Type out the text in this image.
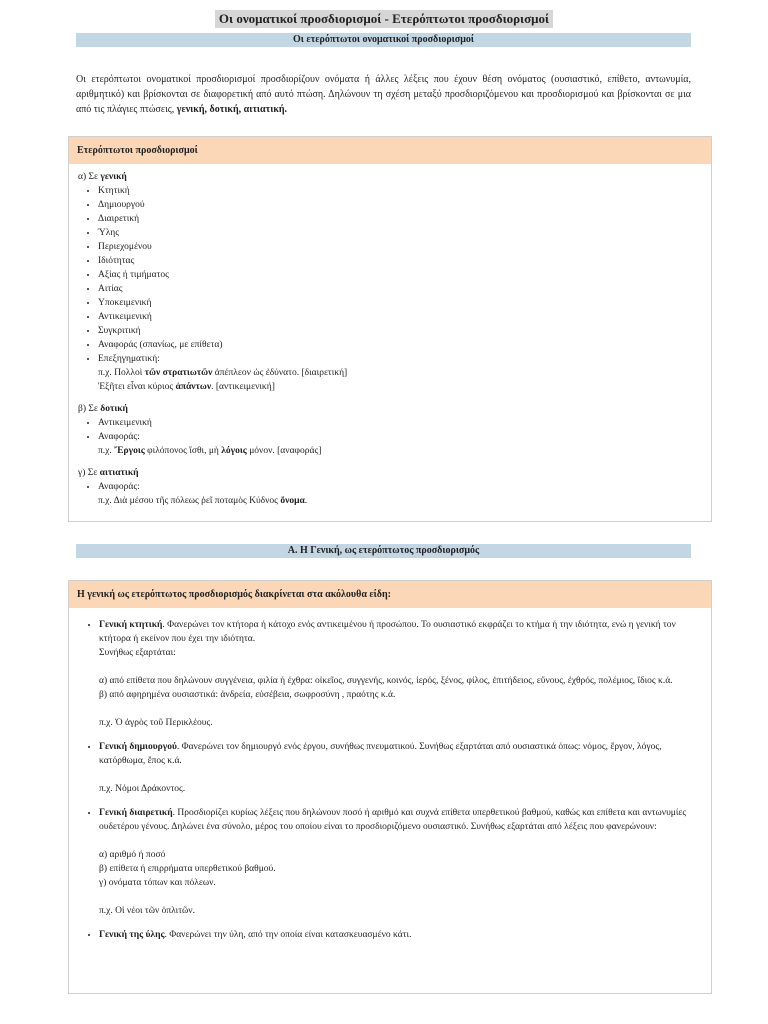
Οι ονοματικοί προσδιορισμοί - Ετερόπτωτοι προσδιορισμοί
Οι ετερόπτωτοι ονοματικοί προσδιορισμοί
Οι ετερόπτωτοι ονοματικοί προσδιορισμοί προσδιορίζουν ονόματα ή άλλες λέξεις που έχουν θέση ονόματος (ουσιαστικό, επίθετο, αντωνυμία, αριθμητικό) και βρίσκονται σε διαφορετική από αυτό πτώση. Δηλώνουν τη σχέση μεταξύ προσδιοριζόμενου και προσδιορισμού και βρίσκονται σε μια από τις πλάγιες πτώσεις, γενική, δοτική, αιτιατική.
Ετερόπτωτοι προσδιορισμοί

α) Σε γενική

• Κτητική
• Δημιουργού
• Διαιρετική
• Ύλης
• Περιεχομένου
• Ιδιότητας
• Αξίας ή τιμήματος
• Αιτίας
• Υποκειμενική
• Αντικειμενική
• Συγκριτική
• Αναφοράς (σπανίως, με επίθετα)
• Επεξηγηματική:
π.χ. Πολλοὶ τῶν στρατιωτῶν ἀπέπλεον ὡς ἐδύνατο. [διαιρετική]
Ἐξῆτει εἶναι κύριος ἁπάντων. [αντικειμενική]

β) Σε δοτική

• Αντικειμενική
• Αναφοράς:
π.χ. Ἔργοις φιλόπονος ἴσθι, μὴ λόγοις μόνον. [αναφοράς]

γ) Σε αιτιατική

• Αναφοράς:
π.χ. Διὰ μέσου τῆς πόλεως ῥεῖ ποταμὸς Κύδνος ὄνομα.
Α. Η Γενική, ως ετερόπτωτος προσδιορισμός
Η γενική ως ετερόπτωτος προσδιορισμός διακρίνεται στα ακόλουθα είδη:
• Γενική κτητική. Φανερώνει τον κτήτορα ή κάτοχο ενός αντικειμένου ή προσώπου. Το ουσιαστικό εκφράζει το κτήμα ή την ιδιότητα, ενώ η γενική τον κτήτορα ή εκείνον που έχει την ιδιότητα.
Συνήθως εξαρτάται:
α) από επίθετα που δηλώνουν συγγένεια, φιλία ή έχθρα: οἰκεῖος, συγγενής, κοινός, ἱερός, ξένος, φίλος, ἐπιτήδειος, εὔνους, ἐχθρός, πολέμιος, ἴδιος κ.ά.
β) από αφηρημένα ουσιαστικά: ἀνδρεία, εὐσέβεια, σωφροσύνη , πραότης κ.ά.
π.χ. Ὁ ἀγρὸς τοῦ Περικλέους.
• Γενική δημιουργού. Φανερώνει τον δημιουργό ενός έργου, συνήθως πνευματικού. Συνήθως εξαρτάται από ουσιαστικά όπως: νόμος, ἔργον, λόγος, κατόρθωμα, ἔπος κ.ά.
π.χ. Νόμοι Δράκοντος.
• Γενική διαιρετική. Προσδιορίζει κυρίως λέξεις που δηλώνουν ποσό ή αριθμό και συχνά επίθετα υπερθετικού βαθμού, καθώς και επίθετα και αντωνυμίες ουδετέρου γένους. Δηλώνει ένα σύνολο, μέρος του οποίου είναι το προσδιοριζόμενο ουσιαστικό. Συνήθως εξαρτάται από λέξεις που φανερώνουν:
α) αριθμό ή ποσό
β) επίθετα ή επιρρήματα υπερθετικού βαθμού.
γ) ονόματα τόπων και πόλεων.
π.χ. Οἱ νέοι τῶν ὁπλιτῶν.
• Γενική της ύλης. Φανερώνει την ύλη, από την οποία είναι κατασκευασμένο κάτι.
